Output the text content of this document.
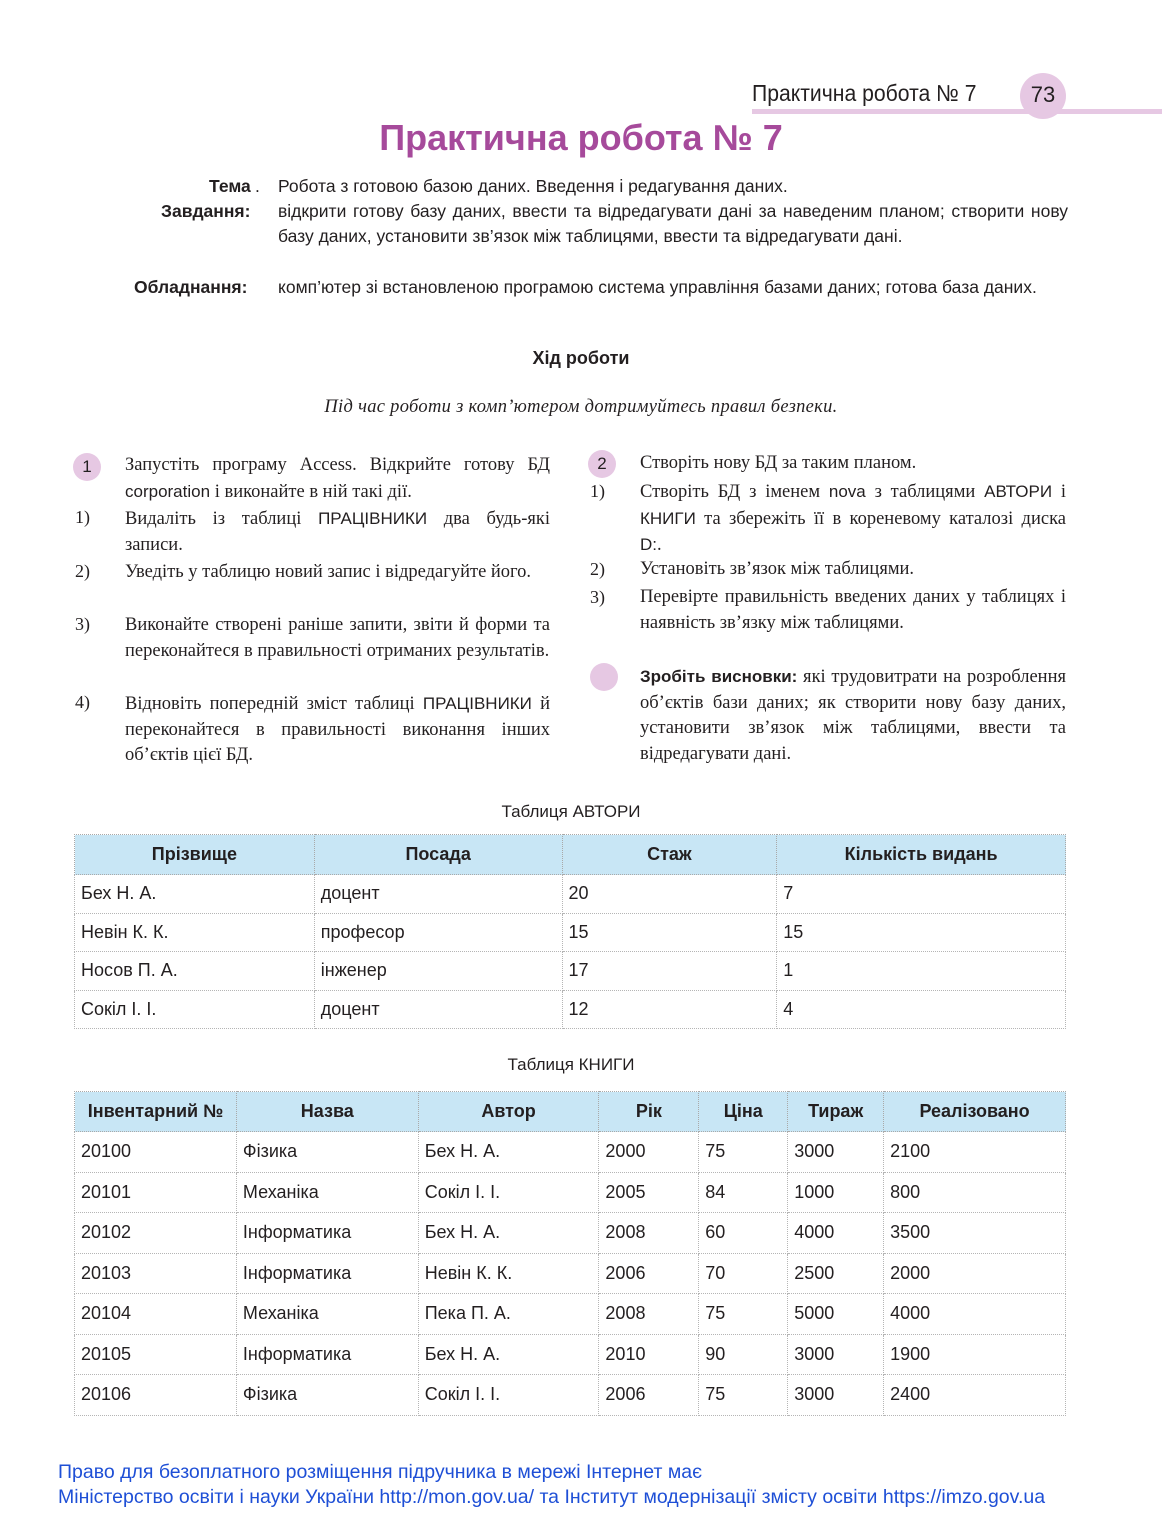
Практична робота № 7	73
Практична робота № 7
Тема . Робота з готовою базою даних. Введення і редагування даних.
Завдання: відкрити готову базу даних, ввести та відредагувати дані за наведеним планом; створити нову базу даних, установити зв’язок між таблицями, ввести та відредагувати дані.
Обладнання: комп’ютер зі встановленою програмою система управління базами даних; готова база даних.
Хід роботи
Під час роботи з комп’ютером дотримуйтесь правил безпеки.
1	Запустіть програму Access. Відкрийте готову БД corporation і виконайте в ній такі дії.
1) Видаліть із таблиці ПРАЦІВНИКИ два будь-які записи.
2) Уведіть у таблицю новий запис і відредагуйте його.
3) Виконайте створені раніше запити, звіти й форми та переконайтеся в правильності отриманих результатів.
4) Відновіть попередній зміст таблиці ПРАЦІВНИКИ й переконайтеся в правильності виконання інших об’єктів цієї БД.
2	Створіть нову БД за таким планом.
1) Створіть БД з іменем nova з таблицями АВТОРИ і КНИГИ та збережіть її в кореневому каталозі диска D:.
2) Установіть зв’язок між таблицями.
3) Перевірте правильність введених даних у таблицях і наявність зв’язку між таблицями.
Зробіть висновки: які трудовитрати на розроблення об’єктів бази даних; як створити нову базу даних, установити зв’язок між таблицями, ввести та відредагувати дані.
Таблиця АВТОРИ
Прізвище	Посада	Стаж	Кількість видань
Бех Н. А.	доцент	20	7
Невін К. К.	професор	15	15
Носов П. А.	інженер	17	1
Сокіл І. І.	доцент	12	4
Таблиця КНИГИ
Інвентарний №	Назва	Автор	Рік	Ціна	Тираж	Реалізовано
20100	Фізика	Бех Н. А.	2000	75	3000	2100
20101	Механіка	Сокіл І. І.	2005	84	1000	800
20102	Інформатика	Бех Н. А.	2008	60	4000	3500
20103	Інформатика	Невін К. К.	2006	70	2500	2000
20104	Механіка	Пека П. А.	2008	75	5000	4000
20105	Інформатика	Бех Н. А.	2010	90	3000	1900
20106	Фізика	Сокіл І. І.	2006	75	3000	2400
Право для безоплатного розміщення підручника в мережі Інтернет має
Міністерство освіти і науки України http://mon.gov.ua/ та Інститут модернізації змісту освіти https://imzo.gov.ua
